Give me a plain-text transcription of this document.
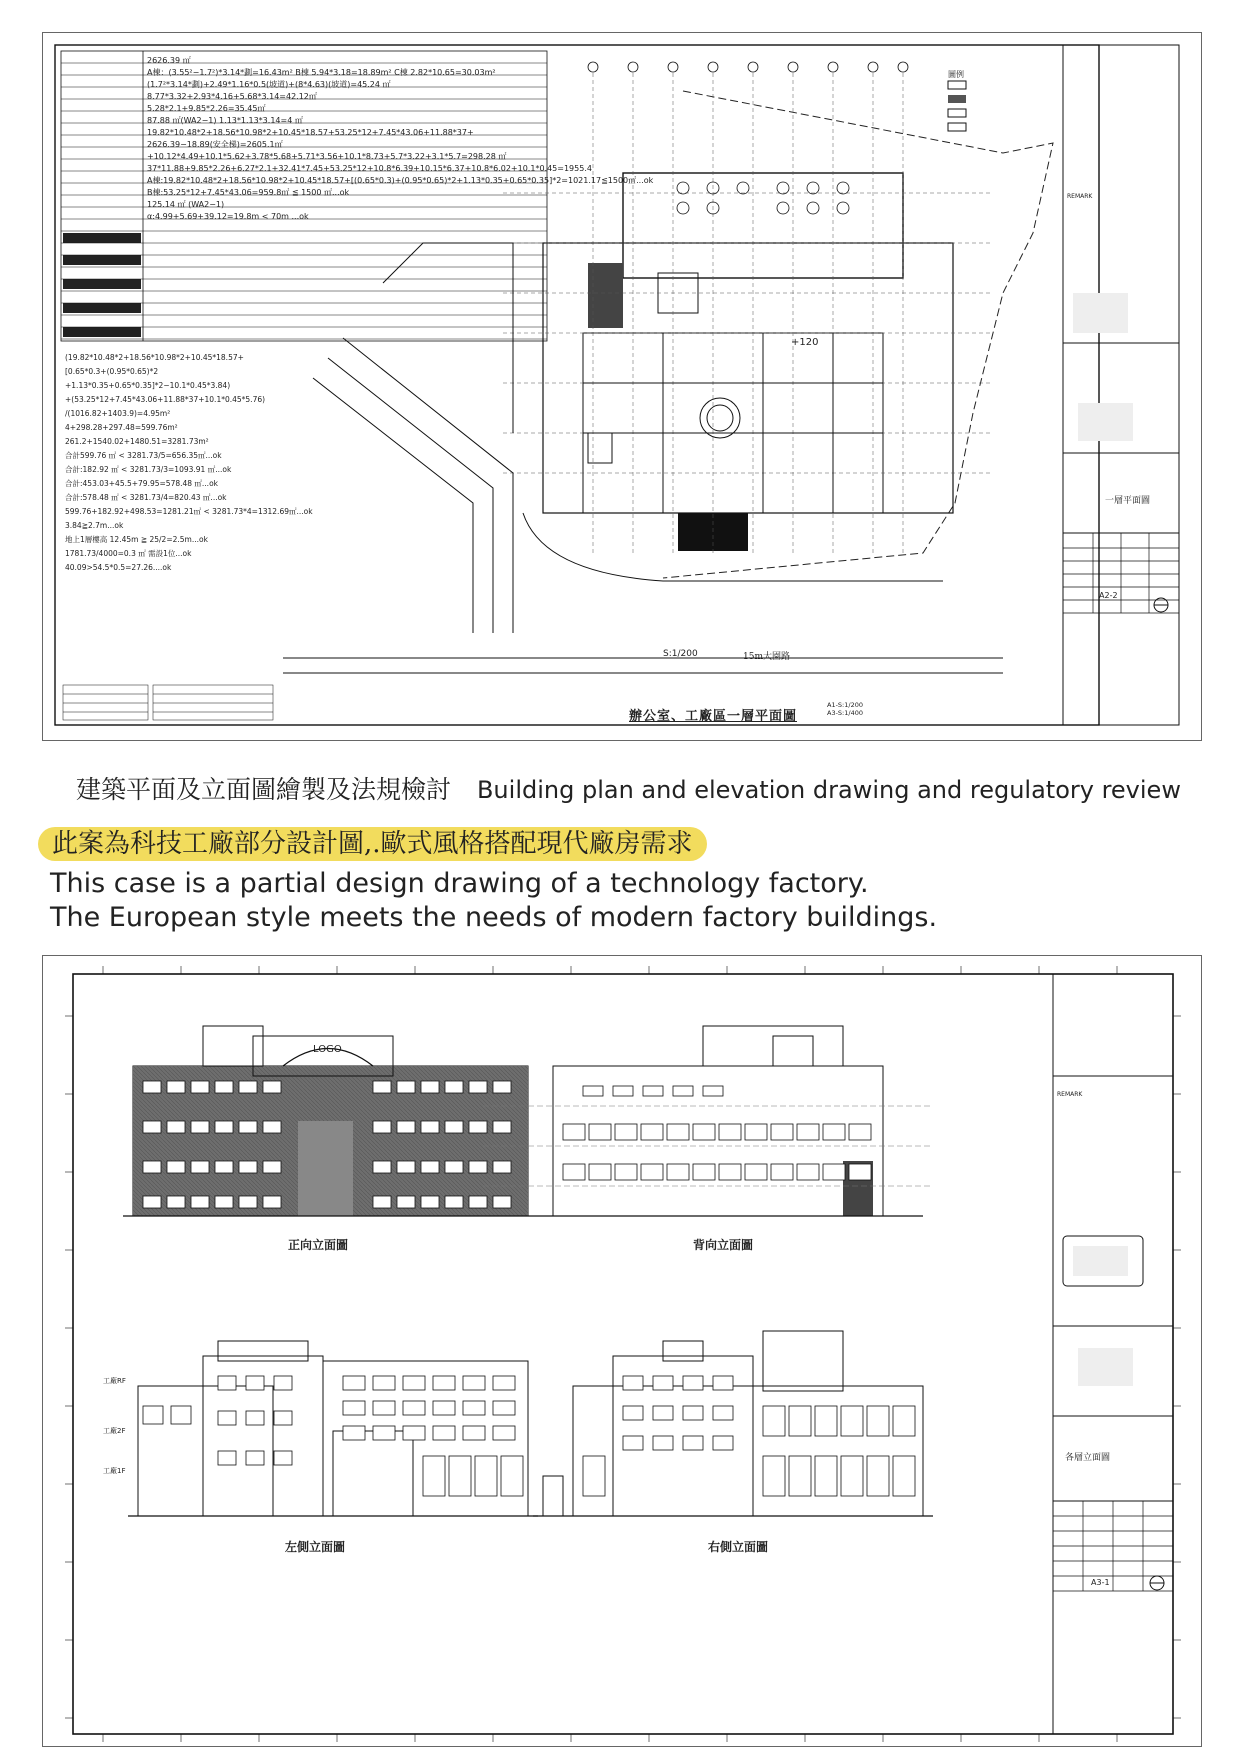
2626.39 ㎡
A棟：(3.55²−1.7²)*3.14*劃=16.43m² B棟 5.94*3.18=18.89m² C棟 2.82*10.65=30.03m²
(1.7²*3.14*劃)+2.49*1.16*0.5(坡道)+(8*4.63)(坡道)=45.24 ㎡
8.77*3.32+2.93*4.16+5.68*3.14=42.12㎡
5.28*2.1+9.85*2.26=35.45㎡
87.88 ㎡(WA2−1) 1.13*1.13*3.14=4 ㎡
19.82*10.48*2+18.56*10.98*2+10.45*18.57+53.25*12+7.45*43.06+11.88*37+
2626.39−18.89(安全梯)=2605.1㎡
+10.12*4.49+10.1*5.62+3.78*5.68+5.71*3.56+10.1*8.73+5.7*3.22+3.1*5.7=298.28 ㎡
37*11.88+9.85*2.26+6.27*2.1+32.41*7.45+53.25*12+10.8*6.39+10.15*6.37+10.8*6.02+10.1*0.45=1955.4
A棟:19.82*10.48*2+18.56*10.98*2+10.45*18.57+[(0.65*0.3)+(0.95*0.65)*2+1.13*0.35+0.65*0.35]*2=1021.17≦1500㎡...ok
B棟:53.25*12+7.45*43.06=959.8㎡ ≦ 1500 ㎡...ok
125.14 ㎡ (WA2−1)
α:4.99+5.69+39.12=19.8m < 70m ...ok
(19.82*10.48*2+18.56*10.98*2+10.45*18.57+
[0.65*0.3+(0.95*0.65)*2
+1.13*0.35+0.65*0.35]*2−10.1*0.45*3.84)
+(53.25*12+7.45*43.06+11.88*37+10.1*0.45*5.76)
/(1016.82+1403.9)=4.95m²
4+298.28+297.48=599.76m²
261.2+1540.02+1480.51=3281.73m²
合計599.76 ㎡ < 3281.73/5=656.35㎡...ok
合計:182.92 ㎡ < 3281.73/3=1093.91 ㎡...ok
合計:453.03+45.5+79.95=578.48 ㎡...ok
合計:578.48 ㎡ < 3281.73/4=820.43 ㎡...ok
599.76+182.92+498.53=1281.21㎡ < 3281.73*4=1312.69㎡...ok
3.84≧2.7m...ok
地上1層樓高 12.45m ≧ 25/2=2.5m...ok
1781.73/4000=0.3 ㎡ 需設1位...ok
40.09>54.5*0.5=27.26....ok
+120
S:1/200	15m大園路
圖例
辦公室、工廠區一層平面圖
A1-S:1/200
A3-S:1/400
REMARK
一層平面圖
A2-2
建築平面及立面圖繪製及法規檢討 Building plan and elevation drawing and regulatory review
此案為科技工廠部分設計圖,.歐式風格搭配現代廠房需求
This case is a partial design drawing of a technology factory.
The European style meets the needs of modern factory buildings.
LOGO
正向立面圖	背向立面圖
左側立面圖	右側立面圖
工廠RF
工廠2F
工廠1F
REMARK
各層立面圖
A3-1
